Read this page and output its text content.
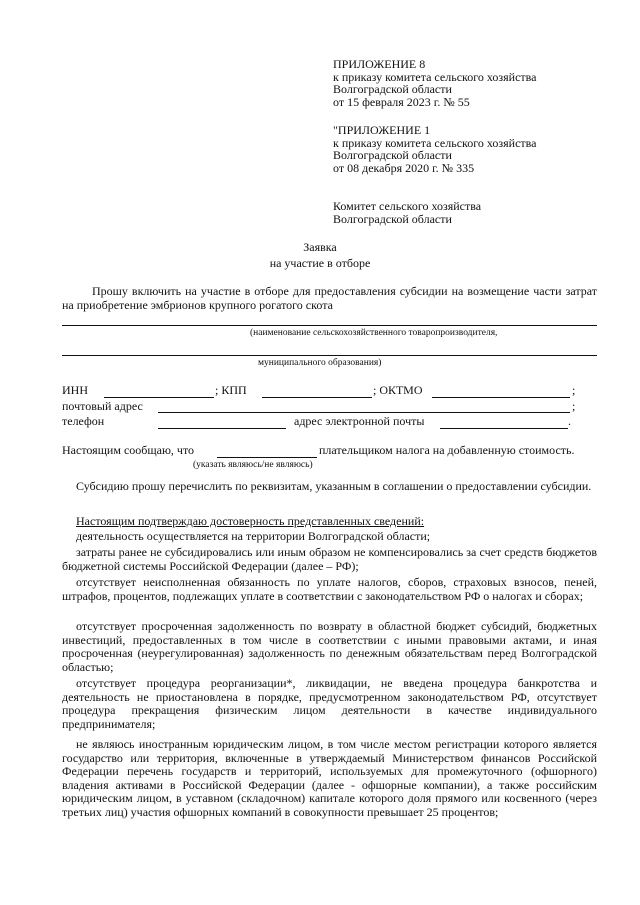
ПРИЛОЖЕНИЕ 8
к приказу комитета сельского хозяйства
Волгоградской области
от 15 февраля 2023 г. № 55
"ПРИЛОЖЕНИЕ 1
к приказу комитета сельского хозяйства
Волгоградской области
от 08 декабря 2020 г. № 335
Комитет сельского хозяйства
Волгоградской области
Заявка
на участие в отборе
Прошу включить на участие в отборе для предоставления субсидии на возмещение части затрат на приобретение эмбрионов крупного рогатого скота
(наименование сельскохозяйственного товаропроизводителя,
муниципального образования)
ИНН	; КПП	; ОКТМО	;
почтовый адрес	;
телефон	адрес электронной почты	.
Настоящим сообщаю, что	плательщиком налога на добавленную стоимость.
(указать являюсь/не являюсь)
Субсидию прошу перечислить по реквизитам, указанным в соглашении о предоставлении субсидии.
Настоящим подтверждаю достоверность представленных сведений:
деятельность осуществляется на территории Волгоградской области;
затраты ранее не субсидировались или иным образом не компенсировались за счет средств бюджетов бюджетной системы Российской Федерации (далее – РФ);
отсутствует неисполненная обязанность по уплате налогов, сборов, страховых взносов, пеней, штрафов, процентов, подлежащих уплате в соответствии с законодательством РФ о налогах и сборах;
отсутствует просроченная задолженность по возврату в областной бюджет субсидий, бюджетных инвестиций, предоставленных в том числе в соответствии с иными правовыми актами, и иная просроченная (неурегулированная) задолженность по денежным обязательствам перед Волгоградской областью;
отсутствует процедура реорганизации*, ликвидации, не введена процедура банкротства и деятельность не приостановлена в порядке, предусмотренном законодательством РФ, отсутствует процедура прекращения физическим лицом деятельности в качестве индивидуального предпринимателя;
не являюсь иностранным юридическим лицом, в том числе местом регистрации которого является государство или территория, включенные в утверждаемый Министерством финансов Российской Федерации перечень государств и территорий, используемых для промежуточного (офшорного) владения активами в Российской Федерации (далее - офшорные компании), а также российским юридическим лицом, в уставном (складочном) капитале которого доля прямого или косвенного (через третьих лиц) участия офшорных компаний в совокупности превышает 25 процентов;
